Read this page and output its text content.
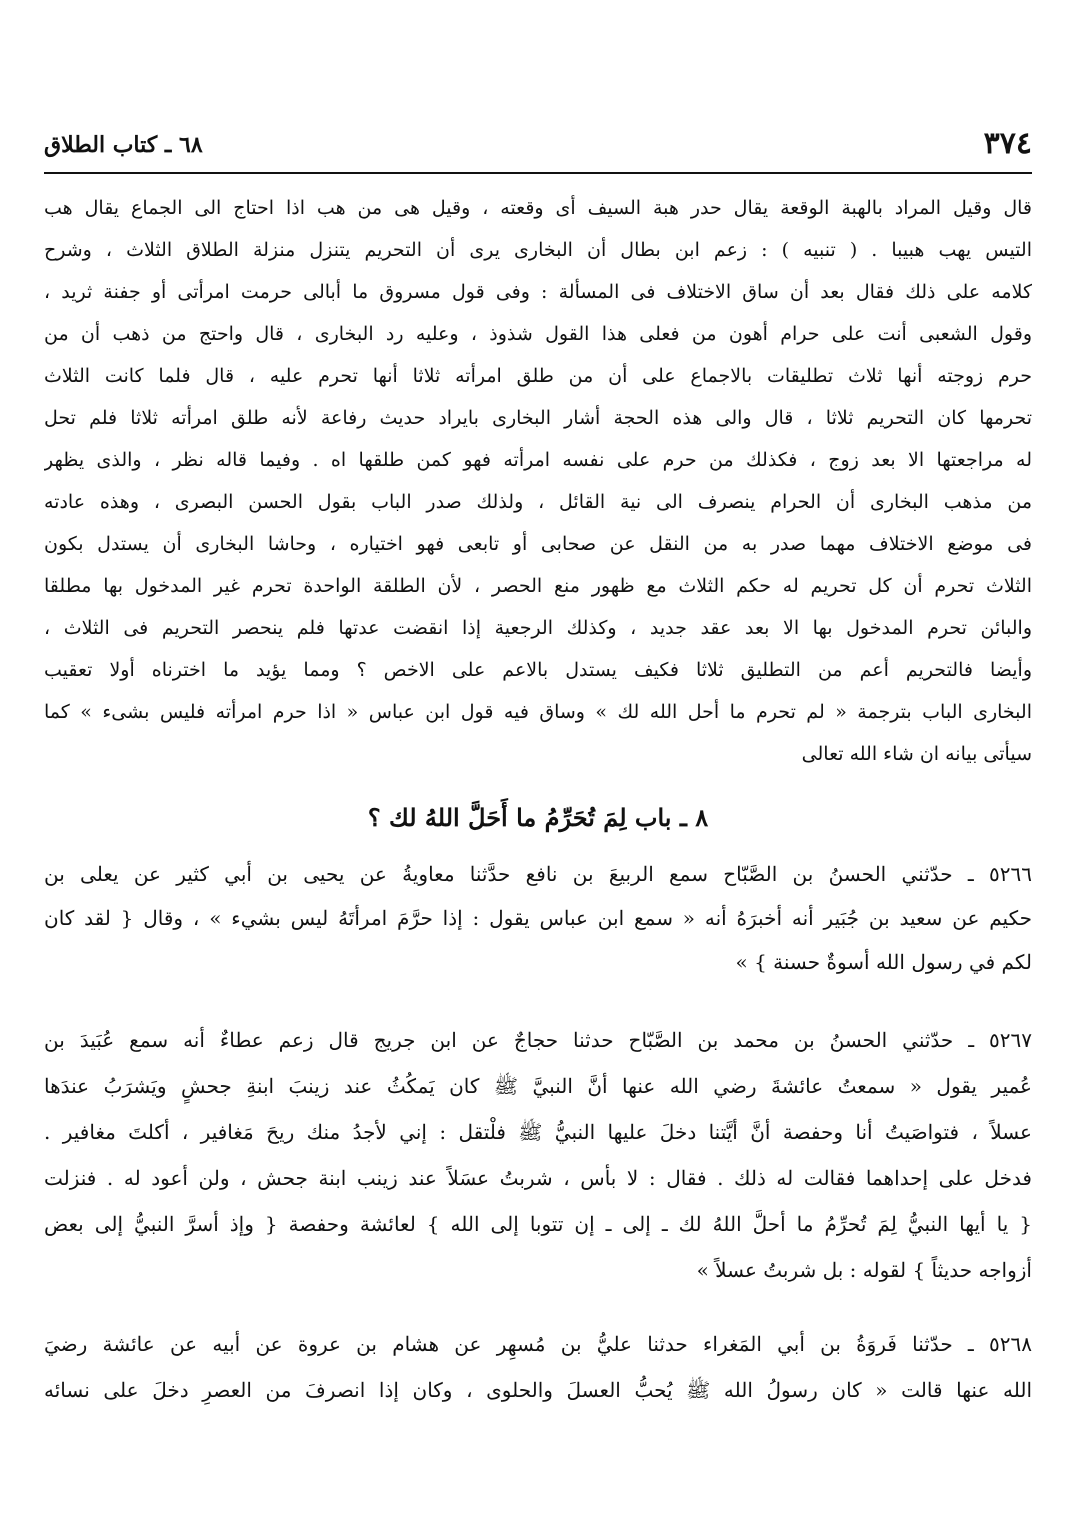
٦٨ ـ كتاب الطلاق	٣٧٤
قال وقيل المراد بالهبة الوقعة يقال حدر هبة السيف أى وقعته ، وقيل هى من هب اذا احتاج الى الجماع يقال هب
التيس يهب هبيبا . ( تنبيه ) : زعم ابن بطال أن البخارى يرى أن التحريم يتنزل منزلة الطلاق الثلاث ، وشرح
كلامه على ذلك فقال بعد أن ساق الاختلاف فى المسألة : وفى قول مسروق ما أبالى حرمت امرأتى أو جفنة ثريد ،
وقول الشعبى أنت على حرام أهون من فعلى هذا القول شذوذ ، وعليه رد البخارى ، قال واحتج من ذهب أن من
حرم زوجته أنها ثلاث تطليقات بالاجماع على أن من طلق امرأته ثلاثا أنها تحرم عليه ، قال فلما كانت الثلاث
تحرمها كان التحريم ثلاثا ، قال والى هذه الحجة أشار البخارى بايراد حديث رفاعة لأنه طلق امرأته ثلاثا فلم تحل
له مراجعتها الا بعد زوج ، فكذلك من حرم على نفسه امرأته فهو كمن طلقها اه . وفيما قاله نظر ، والذى يظهر
من مذهب البخارى أن الحرام ينصرف الى نية القائل ، ولذلك صدر الباب بقول الحسن البصرى ، وهذه عادته
فى موضع الاختلاف مهما صدر به من النقل عن صحابى أو تابعى فهو اختياره ، وحاشا البخارى أن يستدل بكون
الثلاث تحرم أن كل تحريم له حكم الثلاث مع ظهور منع الحصر ، لأن الطلقة الواحدة تحرم غير المدخول بها مطلقا
والبائن تحرم المدخول بها الا بعد عقد جديد ، وكذلك الرجعية إذا انقضت عدتها فلم ينحصر التحريم فى الثلاث ،
وأيضا فالتحريم أعم من التطليق ثلاثا فكيف يستدل بالاعم على الاخص ؟ ومما يؤيد ما اخترناه أولا تعقيب
البخارى الباب بترجمة « لم تحرم ما أحل الله لك » وساق فيه قول ابن عباس « اذا حرم امرأته فليس بشىء » كما
سيأتى بيانه ان شاء الله تعالى
٨ ـ باب لِمَ تُحَرِّمُ ما أَحَلَّ اللهُ لك ؟
٥٢٦٦ ـ حدّثني الحسنُ بن الصَّبّاح سمع الربيعَ بن نافع حدَّثنا معاويةُ عن يحيى بن أبي كثير عن يعلى بن
حكيم عن سعيد بن جُبَير أنه أخبرَهُ أنه « سمع ابن عباس يقول : إذا حرَّمَ امرأتَهُ ليس بشيء » ، وقال { لقد كان
لكم في رسول الله أسوةٌ حسنة } »
٥٢٦٧ ـ حدّثني الحسنُ بن محمد بن الصَّبّاح حدثنا حجاجٌ عن ابن جريج قال زعم عطاءٌ أنه سمع عُبَيدَ بن
عُمير يقول « سمعتُ عائشةَ رضي الله عنها أنَّ النبيَّ ﷺ كان يَمكُثُ عند زينبَ ابنةِ جحشٍ ويَشرَبُ عندَها
عسلاً ، فتواصَيتُ أنا وحفصة أنَّ أيَّتنا دخلَ عليها النبيُّ ﷺ فلْتقل : إني لأجدُ منك ريحَ مَغافير ، أكلتَ مغافير .
فدخل على إحداهما فقالت له ذلك . فقال : لا بأس ، شربتُ عسَلاً عند زينب ابنة جحش ، ولن أعود له . فنزلت
{ يا أيها النبيُّ لِمَ تُحرِّمُ ما أحلَّ اللهُ لك ـ إلى ـ إن تتوبا إلى الله } لعائشة وحفصة { وإذ أسرَّ النبيُّ إلى بعض
أزواجه حديثاً } لقوله : بل شربتُ عسلاً »
٥٢٦٨ ـ حدّثنا فَروَةُ بن أبي المَغراء حدثنا عليُّ بن مُسهِر عن هشام بن عروة عن أبيه عن عائشة رضيَ
الله عنها قالت « كان رسولُ الله ﷺ يُحبُّ العسلَ والحلوى ، وكان إذا انصرفَ من العصرِ دخلَ على نسائه
